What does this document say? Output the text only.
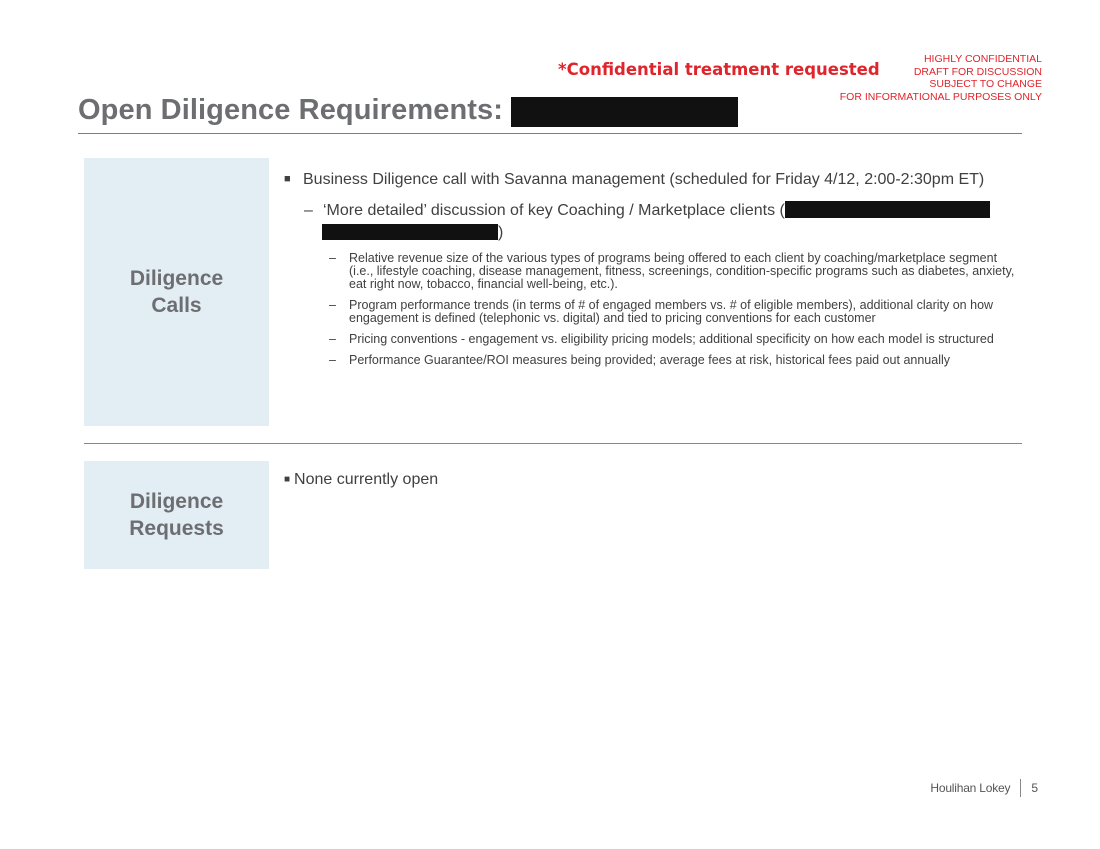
HIGHLY CONFIDENTIAL
DRAFT FOR DISCUSSION
SUBJECT TO CHANGE
FOR INFORMATIONAL PURPOSES ONLY
*Confidential treatment requested
Open Diligence Requirements:
Diligence
Calls
■ Business Diligence call with Savanna management (scheduled for Friday 4/12, 2:00-2:30pm ET)
– ‘More detailed’ discussion of key Coaching / Marketplace clients (
)
– Relative revenue size of the various types of programs being offered to each client by coaching/marketplace segment (i.e., lifestyle coaching, disease management, fitness, screenings, condition-specific programs such as diabetes, anxiety, eat right now, tobacco, financial well-being, etc.).
– Program performance trends (in terms of # of engaged members vs. # of eligible members), additional clarity on how engagement is defined (telephonic vs. digital) and tied to pricing conventions for each customer
– Pricing conventions - engagement vs. eligibility pricing models; additional specificity on how each model is structured
– Performance Guarantee/ROI measures being provided; average fees at risk, historical fees paid out annually
Diligence
Requests
■ None currently open
Houlihan Lokey 5
